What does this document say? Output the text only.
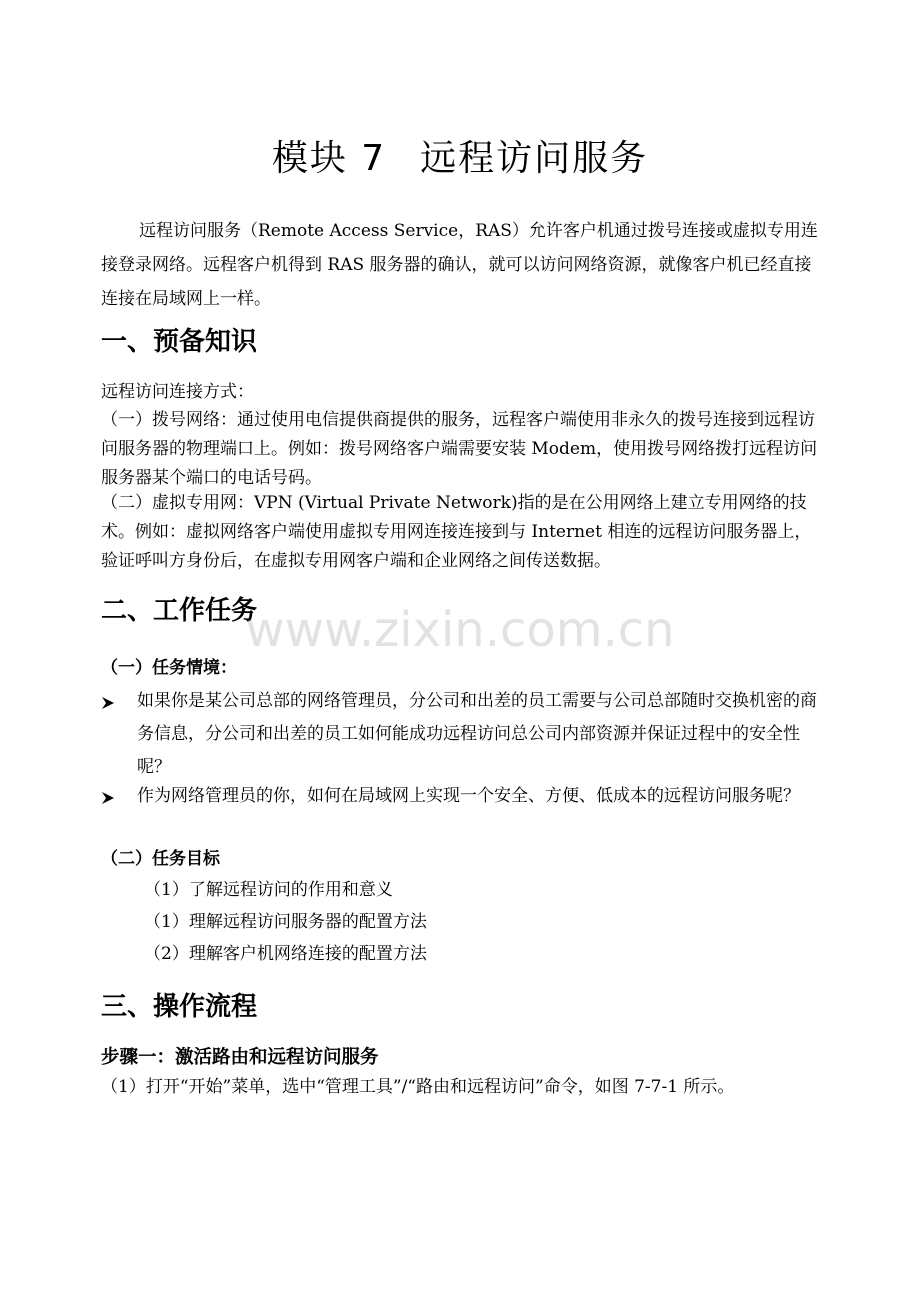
模块 7 远程访问服务
远程访问服务（Remote Access Service，RAS）允许客户机通过拨号连接或虚拟专用连接登录网络。远程客户机得到 RAS 服务器的确认，就可以访问网络资源，就像客户机已经直接连接在局域网上一样。
一、预备知识
远程访问连接方式：
（一）拨号网络：通过使用电信提供商提供的服务，远程客户端使用非永久的拨号连接到远程访问服务器的物理端口上。例如：拨号网络客户端需要安装 Modem，使用拨号网络拨打远程访问服务器某个端口的电话号码。
（二）虚拟专用网：VPN (Virtual Private Network)指的是在公用网络上建立专用网络的技术。例如：虚拟网络客户端使用虚拟专用网连接连接到与 Internet 相连的远程访问服务器上，验证呼叫方身份后，在虚拟专用网客户端和企业网络之间传送数据。
二、工作任务
（一）任务情境：
如果你是某公司总部的网络管理员，分公司和出差的员工需要与公司总部随时交换机密的商务信息，分公司和出差的员工如何能成功远程访问总公司内部资源并保证过程中的安全性呢？
作为网络管理员的你，如何在局域网上实现一个安全、方便、低成本的远程访问服务呢？
（二）任务目标
（1）了解远程访问的作用和意义
（1）理解远程访问服务器的配置方法
（2）理解客户机网络连接的配置方法
三、操作流程
步骤一：激活路由和远程访问服务
（1）打开“开始”菜单，选中“管理工具”/“路由和远程访问”命令，如图 7-7-1 所示。
www.zixin.com.cn
